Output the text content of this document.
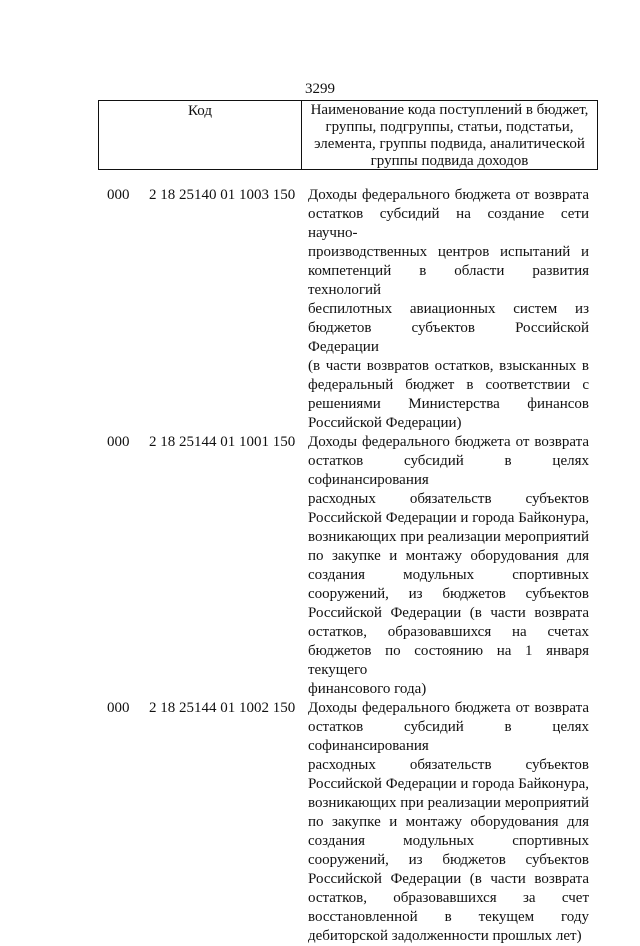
3299
Код	Наименование кода поступлений в бюджет, группы, подгруппы, статьи, подстатьи, элемента, группы подвида, аналитической группы подвида доходов
000 2 18 25140 01 1003 150 Доходы федерального бюджета от возврата
остатков субсидий на создание сети научно-
производственных центров испытаний и
компетенций в области развития технологий
беспилотных авиационных систем из
бюджетов субъектов Российской Федерации
(в части возвратов остатков, взысканных в
федеральный бюджет в соответствии с
решениями Министерства финансов
Российской Федерации)
000 2 18 25144 01 1001 150 Доходы федерального бюджета от возврата
остатков субсидий в целях софинансирования
расходных обязательств субъектов
Российской Федерации и города Байконура,
возникающих при реализации мероприятий
по закупке и монтажу оборудования для
создания модульных спортивных
сооружений, из бюджетов субъектов
Российской Федерации (в части возврата
остатков, образовавшихся на счетах
бюджетов по состоянию на 1 января текущего
финансового года)
000 2 18 25144 01 1002 150 Доходы федерального бюджета от возврата
остатков субсидий в целях софинансирования
расходных обязательств субъектов
Российской Федерации и города Байконура,
возникающих при реализации мероприятий
по закупке и монтажу оборудования для
создания модульных спортивных
сооружений, из бюджетов субъектов
Российской Федерации (в части возврата
остатков, образовавшихся за счет
восстановленной в текущем году
дебиторской задолженности прошлых лет)
